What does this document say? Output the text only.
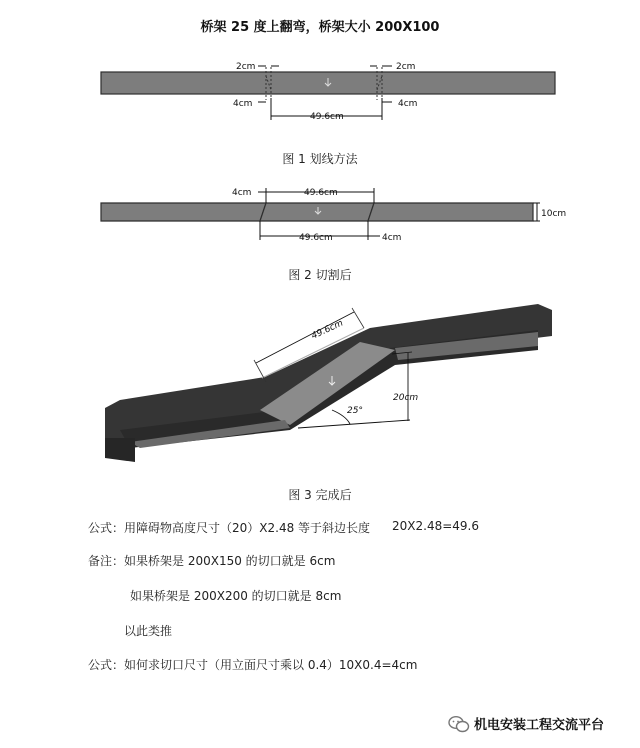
桥架 25 度上翻弯，桥架大小 200X100
2cm	2cm
4cm	4cm
49.6cm
图 1 划线方法
4cm	49.6cm
49.6cm	4cm
10cm
图 2 切割后
49.6cm
25°
20cm
图 3 完成后
公式：用障碍物高度尺寸（20）X2.48 等于斜边长度 20X2.48=49.6
备注：如果桥架是 200X150 的切口就是 6cm
如果桥架是 200X200 的切口就是 8cm
以此类推
公式：如何求切口尺寸（用立面尺寸乘以 0.4）10X0.4=4cm
机电安装工程交流平台
